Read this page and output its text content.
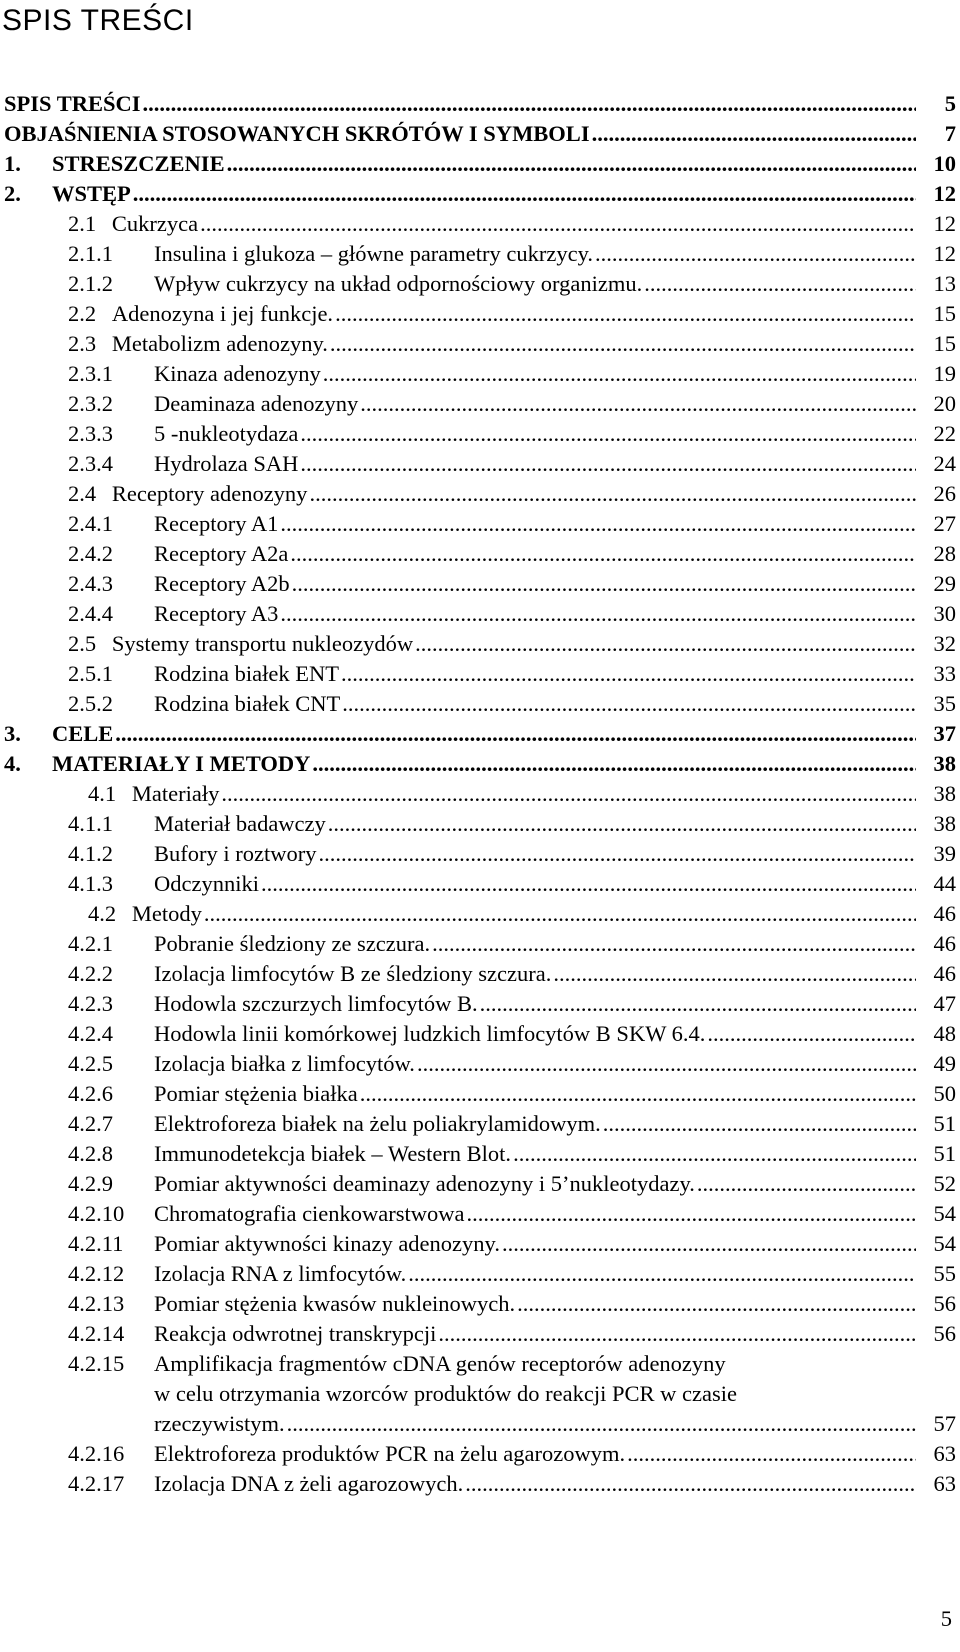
SPIS TREŚCI
SPIS TREŚCI .....	5
OBJAŚNIENIA STOSOWANYCH SKRÓTÓW I SYMBOLI .....	7
1. STRESZCZENIE .....	10
2. WSTĘP .....	12
2.1 Cukrzyca .....	12
2.1.1 Insulina i glukoza – główne parametry cukrzycy. .....	12
2.1.2 Wpływ cukrzycy na układ odpornościowy organizmu. .....	13
2.2 Adenozyna i jej funkcje. .....	15
2.3 Metabolizm adenozyny. .....	15
2.3.1 Kinaza adenozyny .....	19
2.3.2 Deaminaza adenozyny .....	20
2.3.3 5 -nukleotydaza .....	22
2.3.4 Hydrolaza SAH .....	24
2.4 Receptory adenozyny .....	26
2.4.1 Receptory A1 .....	27
2.4.2 Receptory A2a .....	28
2.4.3 Receptory A2b .....	29
2.4.4 Receptory A3 .....	30
2.5 Systemy transportu nukleozydów .....	32
2.5.1 Rodzina białek ENT .....	33
2.5.2 Rodzina białek CNT .....	35
3. CELE .....	37
4. MATERIAŁY I METODY .....	38
4.1 Materiały .....	38
4.1.1 Materiał badawczy .....	38
4.1.2 Bufory i roztwory .....	39
4.1.3 Odczynniki .....	44
4.2 Metody .....	46
4.2.1 Pobranie śledziony ze szczura. .....	46
4.2.2 Izolacja limfocytów B ze śledziony szczura. .....	46
4.2.3 Hodowla szczurzych limfocytów B. .....	47
4.2.4 Hodowla linii komórkowej ludzkich limfocytów B SKW 6.4. .....	48
4.2.5 Izolacja białka z limfocytów. .....	49
4.2.6 Pomiar stężenia białka .....	50
4.2.7 Elektroforeza białek na żelu poliakrylamidowym. .....	51
4.2.8 Immunodetekcja białek – Western Blot. .....	51
4.2.9 Pomiar aktywności deaminazy adenozyny i 5’nukleotydazy. .....	52
4.2.10 Chromatografia cienkowarstwowa .....	54
4.2.11 Pomiar aktywności kinazy adenozyny. .....	54
4.2.12 Izolacja RNA z limfocytów. .....	55
4.2.13 Pomiar stężenia kwasów nukleinowych. .....	56
4.2.14 Reakcja odwrotnej transkrypcji .....	56
4.2.15 Amplifikacja fragmentów cDNA genów receptorów adenozyny
w celu otrzymania wzorców produktów do reakcji PCR w czasie
rzeczywistym. .....	57
4.2.16 Elektroforeza produktów PCR na żelu agarozowym. .....	63
4.2.17 Izolacja DNA z żeli agarozowych. .....	63
5
